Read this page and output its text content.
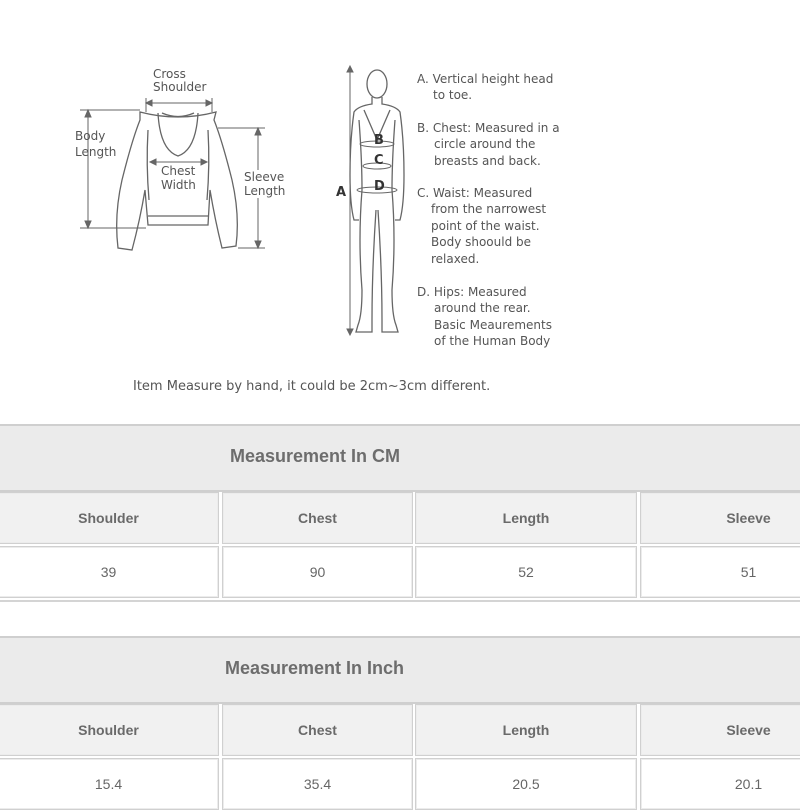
Cross
Shoulder
Body
Length
Chest
Width
Sleeve
Length	A
B
C
D
A. Vertical height head
to toe.
B. Chest: Measured in a
circle around the
breasts and back.
C. Waist: Measured
from the narrowest
point of the waist.
Body shoould be
relaxed.
D. Hips: Measured
around the rear.
Basic Meaurements
of the Human Body
Item Measure by hand, it could be 2cm~3cm different.
Measurement In CM
Shoulder	Chest	Length	Sleeve
39	90	52	51
Measurement In Inch
Shoulder	Chest	Length	Sleeve
15.4	35.4	20.5	20.1
